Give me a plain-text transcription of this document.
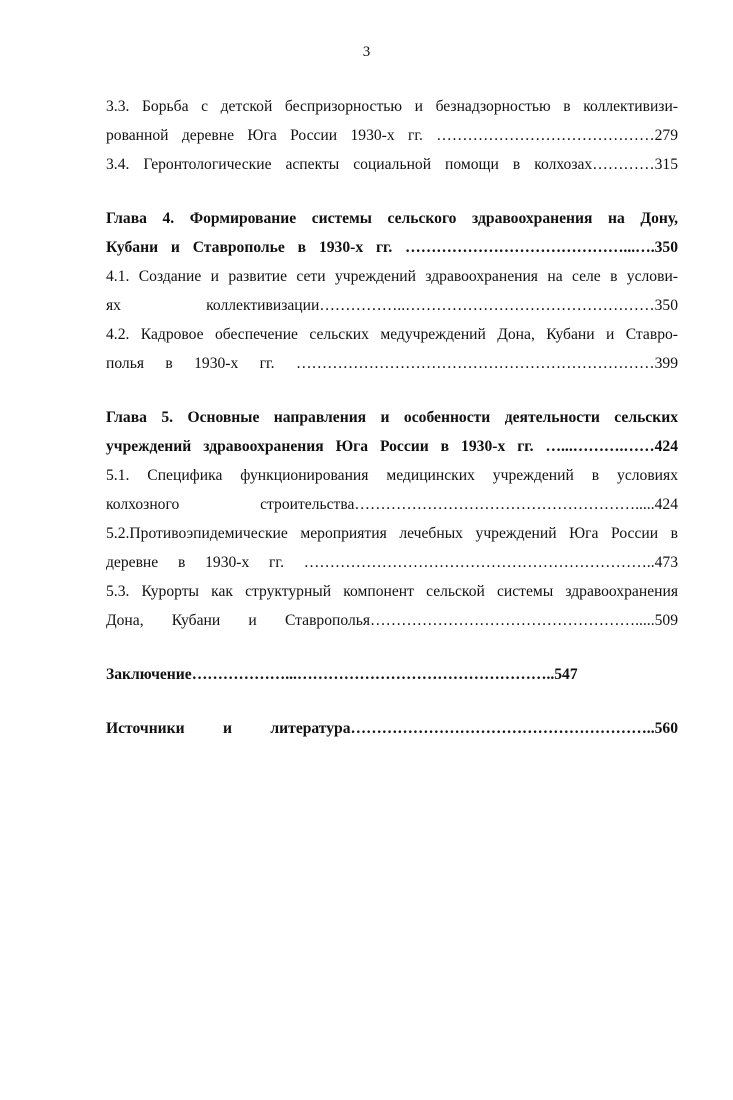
3
3.3. Борьба с детской беспризорностью и безнадзорностью в коллективизи-
рованной деревне Юга России 1930-х гг. ……………………………………279
3.4. Геронтологические аспекты социальной помощи в колхозах…………315
Глава 4. Формирование системы сельского здравоохранения на Дону,
Кубани и Ставрополье в 1930-х гг. ……………………………………...….350
4.1. Создание и развитие сети учреждений здравоохранения на селе в услови-
ях коллективизации……………..…………………………………………350
4.2. Кадровое обеспечение сельских медучреждений Дона, Кубани и Ставро-
полья в 1930-х гг. ……………………………………………………………399
Глава 5. Основные направления и особенности деятельности сельских
учреждений здравоохранения Юга России в 1930-х гг. …...……….……424
5.1. Специфика функционирования медицинских учреждений в условиях
колхозного строительства……………………………………………….....424
5.2.Противоэпидемические мероприятия лечебных учреждений Юга России в
деревне в 1930-х гг. …………………………………………………………..473
5.3. Курорты как структурный компонент сельской системы здравоохранения
Дона, Кубани и Ставрополья…………………………………………….....509
Заключение………………...…………………………………………..547
Источники и литература…………………………………………………..560
